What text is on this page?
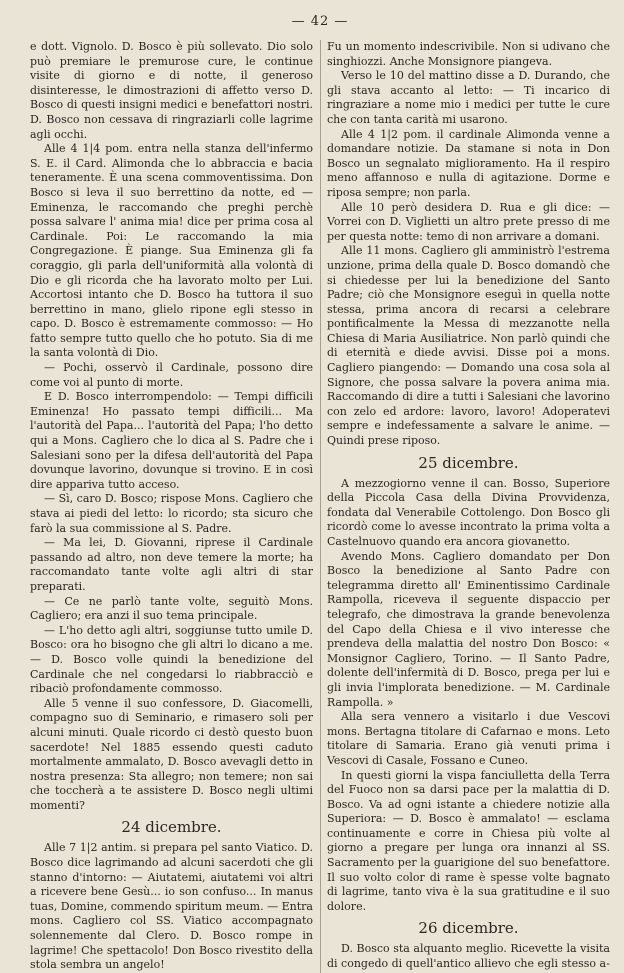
— 42 —

e dott. Vignolo. D. Bosco è più sollevato. Dio solo può premiare le premurose cure, le continue visite di giorno e di notte, il generoso disinteresse, le dimostrazioni di affetto verso D. Bosco di questi insigni medici e benefattori nostri. D. Bosco non cessava di ringraziarli colle lagrime agli occhi.

Alle 4 1|4 pom. entra nella stanza dell'infermo S. E. il Card. Alimonda che lo abbraccia e bacia teneramente. È una scena commoventissima. Don Bosco si leva il suo berrettino da notte, ed — Eminenza, le raccomando che preghi perchè possa salvare l' anima mia! dice per prima cosa al Cardinale. Poi: Le raccomando la mia Congregazione. È piange. Sua Eminenza gli fa coraggio, gli parla dell'uniformità alla volontà di Dio e gli ricorda che ha lavorato molto per Lui. Accortosi intanto che D. Bosco ha tuttora il suo berrettino in mano, glielo ripone egli stesso in capo. D. Bosco è estremamente commosso: — Ho fatto sempre tutto quello che ho potuto. Sia di me la santa volontà di Dio.

— Pochi, osservò il Cardinale, possono dire come voi al punto di morte.

E D. Bosco interrompendolo: — Tempi difficili Eminenza! Ho passato tempi difficili... Ma l'autorità del Papa... l'autorità del Papa; l'ho detto qui a Mons. Cagliero che lo dica al S. Padre che i Salesiani sono per la difesa dell'autorità del Papa dovunque lavorino, dovunque si trovino. E in così dire appariva tutto acceso.

— Sì, caro D. Bosco; rispose Mons. Cagliero che stava ai piedi del letto: lo ricordo; sta sicuro che farò la sua commissione al S. Padre.

— Ma lei, D. Giovanni, riprese il Cardinale passando ad altro, non deve temere la morte; ha raccomandato tante volte agli altri di star preparati.

— Ce ne parlò tante volte, seguitò Mons. Cagliero; era anzi il suo tema principale.

— L'ho detto agli altri, soggiunse tutto umile D. Bosco: ora ho bisogno che gli altri lo dicano a me. — D. Bosco volle quindi la benedizione del Cardinale che nel congedarsi lo riabbracciò e ribaciò profondamente commosso.

Alle 5 venne il suo confessore, D. Giacomelli, compagno suo di Seminario, e rimasero soli per alcuni minuti. Quale ricordo ci destò questo buon sacerdote! Nel 1885 essendo questi caduto mortalmente ammalato, D. Bosco avevagli detto in nostra presenza: Sta allegro; non temere; non sai che toccherà a te assistere D. Bosco negli ultimi momenti?

24 dicembre.

Alle 7 1|2 antim. si prepara pel santo Viatico. D. Bosco dice lagrimando ad alcuni sacerdoti che gli stanno d'intorno: — Aiutatemi, aiutatemi voi altri a ricevere bene Gesù... io son confuso... In manus tuas, Domine, commendo spiritum meum. — Entra mons. Cagliero col SS. Viatico accompagnato solennemente dal Clero. D. Bosco rompe in lagrime! Che spettacolo! Don Bosco rivestito della stola sembra un angelo!

Fu un momento indescrivibile. Non si udivano che singhiozzi. Anche Monsignore piangeva.

Verso le 10 del mattino disse a D. Durando, che gli stava accanto al letto: — Ti incarico di ringraziare a nome mio i medici per tutte le cure che con tanta carità mi usarono.

Alle 4 1|2 pom. il cardinale Alimonda venne a domandare notizie. Da stamane si nota in Don Bosco un segnalato miglioramento. Ha il respiro meno affannoso e nulla di agitazione. Dorme e riposa sempre; non parla.

Alle 10 però desidera D. Rua e gli dice: — Vorrei con D. Viglietti un altro prete presso di me per questa notte: temo di non arrivare a domani.

Alle 11 mons. Cagliero gli amministrò l'estrema unzione, prima della quale D. Bosco domandò che si chiedesse per lui la benedizione del Santo Padre; ciò che Monsignore eseguì in quella notte stessa, prima ancora di recarsi a celebrare pontificalmente la Messa di mezzanotte nella Chiesa di Maria Ausiliatrice. Non parlò quindi che di eternità e diede avvisi. Disse poi a mons. Cagliero piangendo: — Domando una cosa sola al Signore, che possa salvare la povera anima mia. Raccomando di dire a tutti i Salesiani che lavorino con zelo ed ardore: lavoro, lavoro! Adoperatevi sempre e indefessamente a salvare le anime. — Quindi prese riposo.

25 dicembre.

A mezzogiorno venne il can. Bosso, Superiore della Piccola Casa della Divina Provvidenza, fondata dal Venerabile Cottolengo. Don Bosco gli ricordò come lo avesse incontrato la prima volta a Castelnuovo quando era ancora giovanetto.

Avendo Mons. Cagliero domandato per Don Bosco la benedizione al Santo Padre con telegramma diretto all' Eminentissimo Cardinale Rampolla, riceveva il seguente dispaccio per telegrafo, che dimostrava la grande benevolenza del Capo della Chiesa e il vivo interesse che prendeva della malattia del nostro Don Bosco: « Monsignor Cagliero, Torino. — Il Santo Padre, dolente dell'infermità di D. Bosco, prega per lui e gli invia l'implorata benedizione. — M. Cardinale Rampolla. »

Alla sera vennero a visitarlo i due Vescovi mons. Bertagna titolare di Cafarnao e mons. Leto titolare di Samaria. Erano già venuti prima i Vescovi di Casale, Fossano e Cuneo.

In questi giorni la vispa fanciulletta della Terra del Fuoco non sa darsi pace per la malattia di D. Bosco. Va ad ogni istante a chiedere notizie alla Superiora: — D. Bosco è ammalato! — esclama continuamente e corre in Chiesa più volte al giorno a pregare per lunga ora innanzi al SS. Sacramento per la guarigione del suo benefattore. Il suo volto color di rame è spesse volte bagnato di lagrime, tanto viva è la sua gratitudine e il suo dolore.

26 dicembre.

D. Bosco sta alquanto meglio. Ricevette la visita di congedo di quell'antico allievo che egli stesso a-
